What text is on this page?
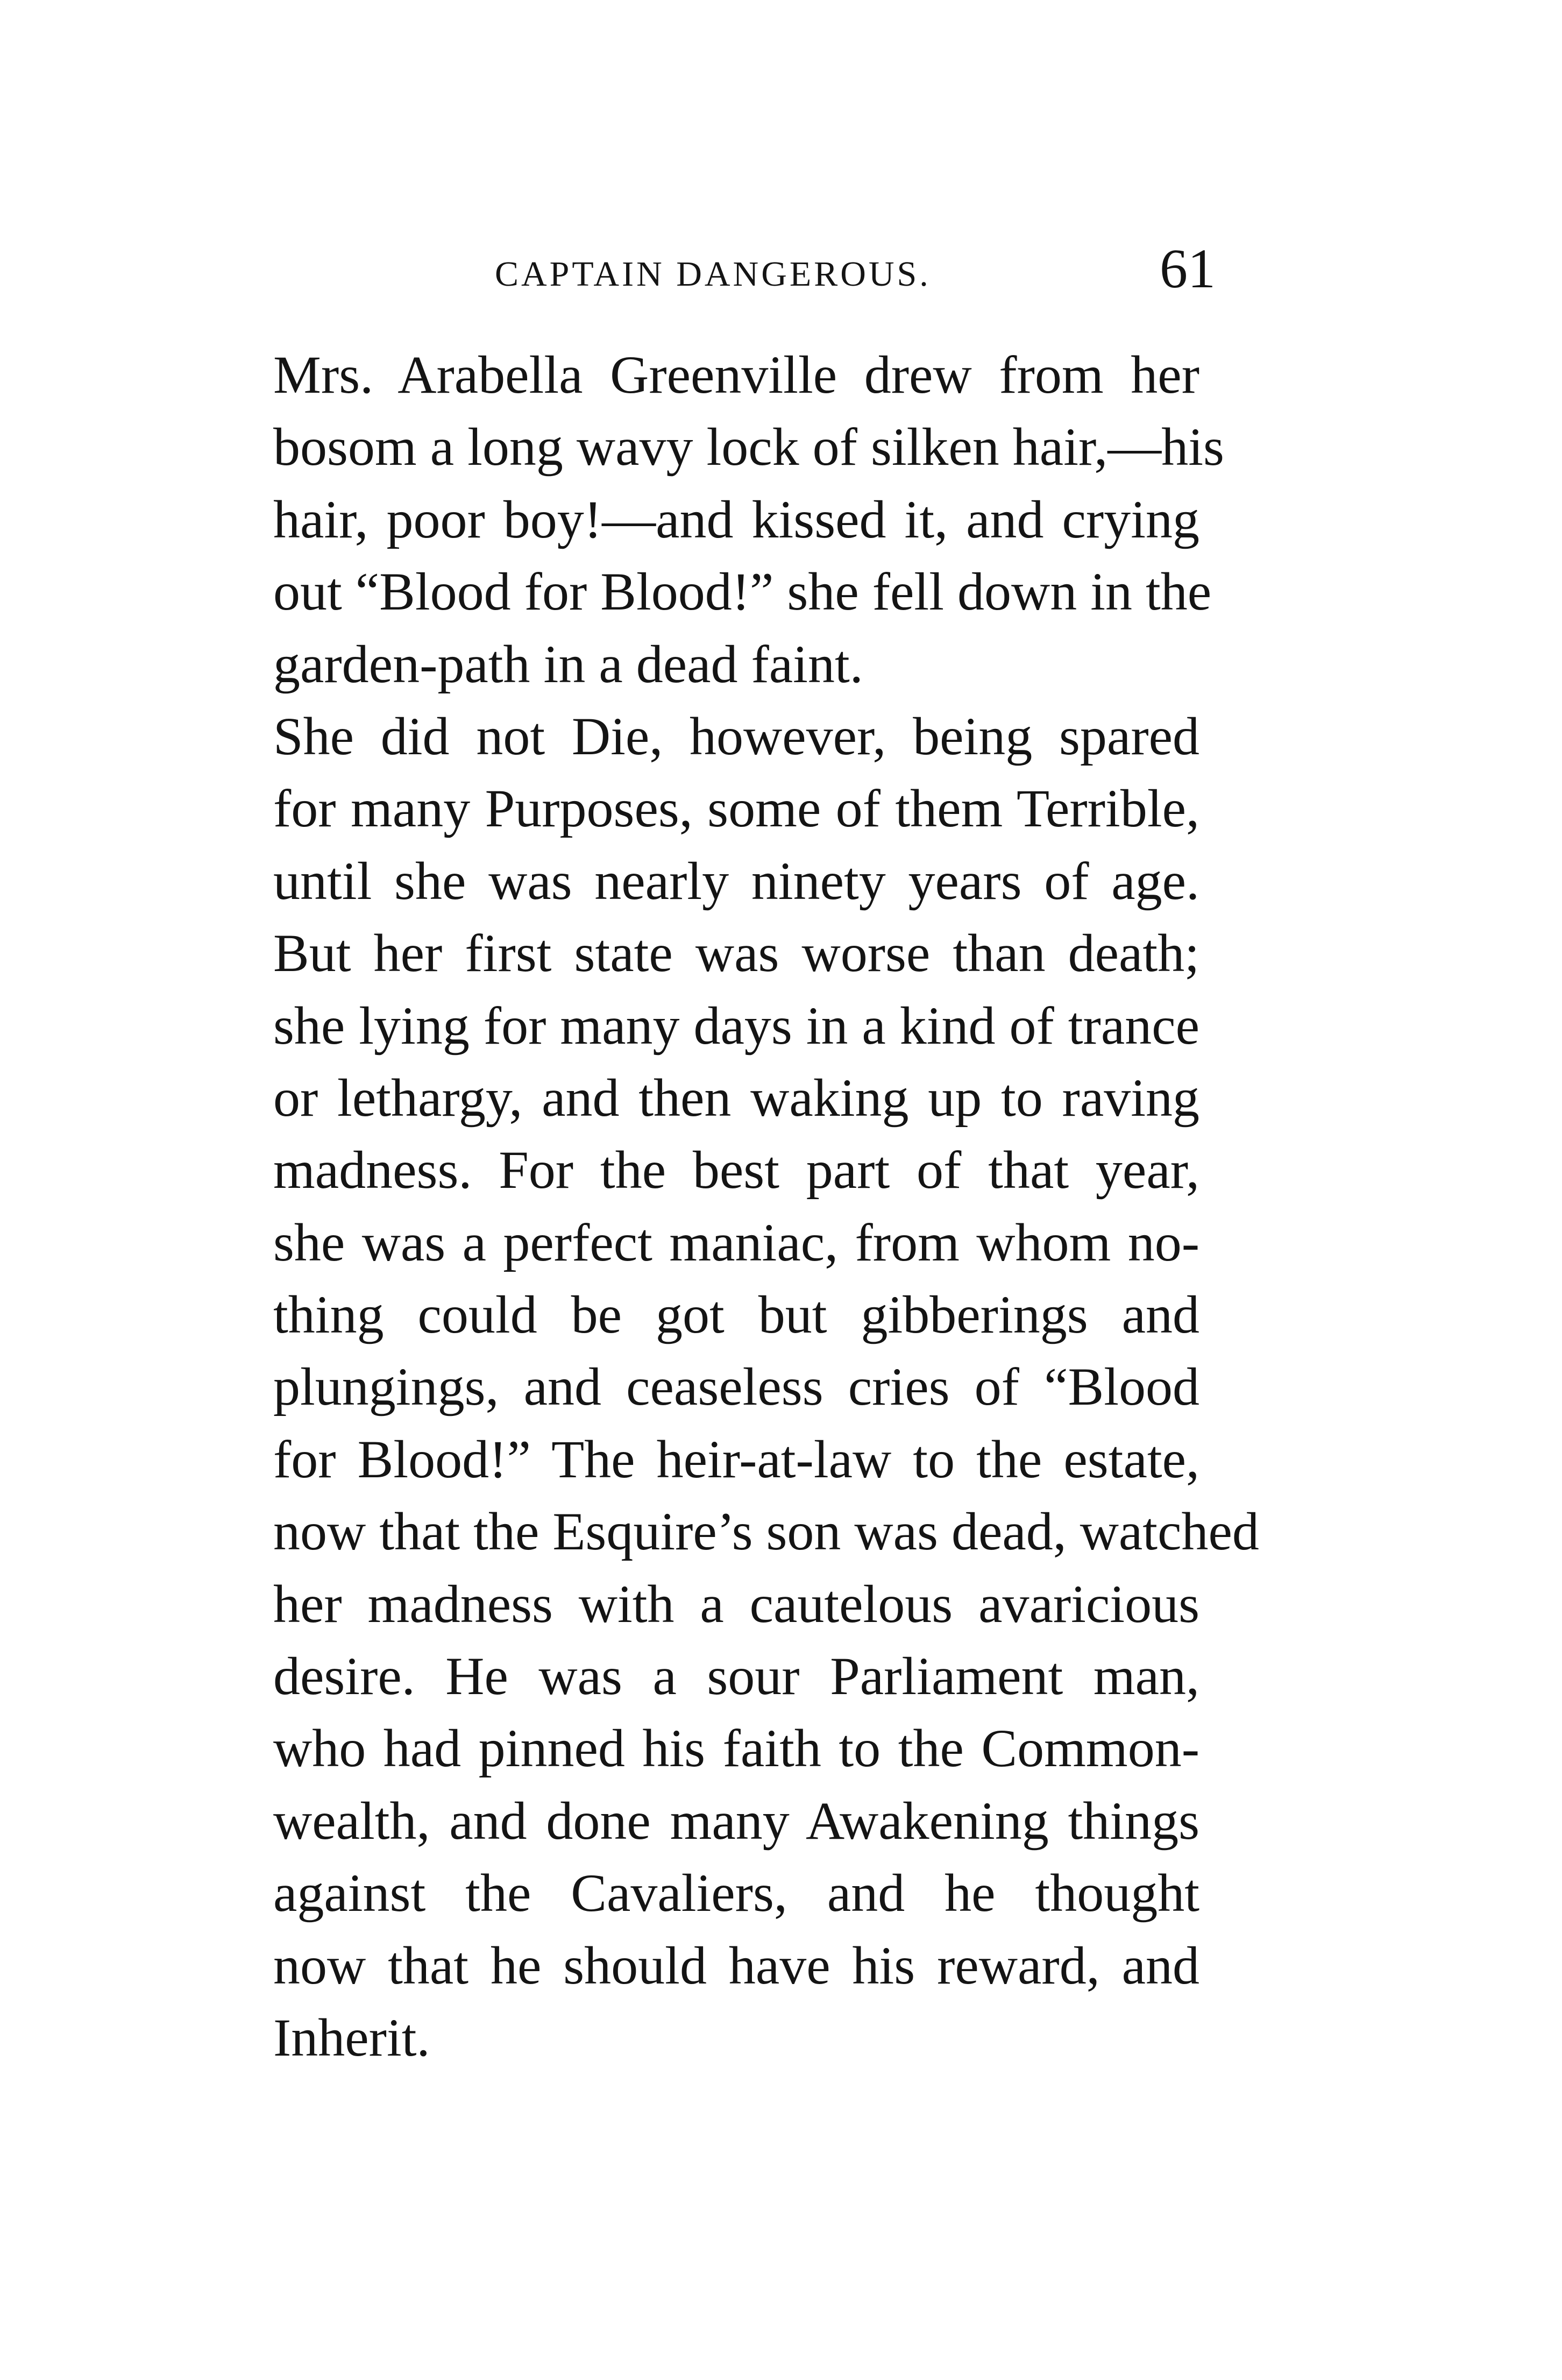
CAPTAIN DANGEROUS.	61

Mrs. Arabella Greenville drew from her
bosom a long wavy lock of silken hair,—his
hair, poor boy!—and kissed it, and crying
out “Blood for Blood!” she fell down in the
garden-path in a dead faint.

She did not Die, however, being spared
for many Purposes, some of them Terrible,
until she was nearly ninety years of age.
But her first state was worse than death;
she lying for many days in a kind of trance
or lethargy, and then waking up to raving
madness. For the best part of that year,
she was a perfect maniac, from whom no-
thing could be got but gibberings and
plungings, and ceaseless cries of “Blood
for Blood!” The heir-at-law to the estate,
now that the Esquire’s son was dead, watched
her madness with a cautelous avaricious
desire. He was a sour Parliament man,
who had pinned his faith to the Common-
wealth, and done many Awakening things
against the Cavaliers, and he thought
now that he should have his reward, and
Inherit.
